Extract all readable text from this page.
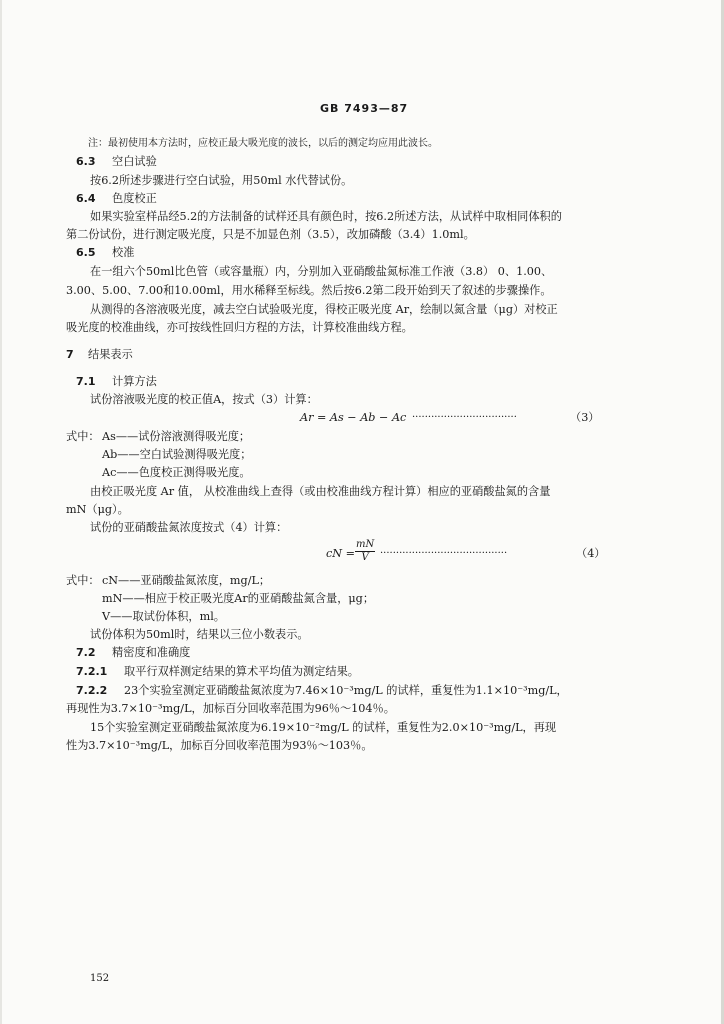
GB 7493—87
注：最初使用本方法时，应校正最大吸光度的波长，以后的测定均应用此波长。
6.3 空白试验
按6.2所述步骤进行空白试验，用50ml 水代替试份。
6.4 色度校正
如果实验室样品经5.2的方法制备的试样还具有颜色时，按6.2所述方法，从试样中取相同体积的
第二份试份，进行测定吸光度，只是不加显色剂（3.5），改加磷酸（3.4）1.0ml。
6.5 校准
在一组六个50ml比色管（或容量瓶）内，分别加入亚硝酸盐氮标准工作液（3.8） 0、1.00、
3.00、5.00、7.00和10.00ml，用水稀释至标线。然后按6.2第二段开始到天了叙述的步骤操作。
从测得的各溶液吸光度，减去空白试验吸光度，得校正吸光度 Ar，绘制以氮含量（μg）对校正
吸光度的校准曲线，亦可按线性回归方程的方法，计算校准曲线方程。
7 结果表示
7.1 计算方法
试份溶液吸光度的校正值A，按式（3）计算：
Ar = As − Ab − Ac ·································	（3）
式中： As——试份溶液测得吸光度；
Ab——空白试验测得吸光度；
Ac——色度校正测得吸光度。
由校正吸光度 Ar 值， 从校准曲线上查得（或由校准曲线方程计算）相应的亚硝酸盐氮的含量
mN（μg）。
试份的亚硝酸盐氮浓度按式（4）计算：
cN = $\frac{mN}{V}$ ········································	（4）
式中： cN——亚硝酸盐氮浓度，mg/L；
mN——相应于校正吸光度Ar的亚硝酸盐氮含量，μg；
V——取试份体积，ml。
试份体积为50ml时，结果以三位小数表示。
7.2 精密度和准确度
7.2.1 取平行双样测定结果的算术平均值为测定结果。
7.2.2 23个实验室测定亚硝酸盐氮浓度为7.46×10⁻³mg/L 的试样，重复性为1.1×10⁻³mg/L，
再现性为3.7×10⁻³mg/L，加标百分回收率范围为96％～104％。
15个实验室测定亚硝酸盐氮浓度为6.19×10⁻²mg/L 的试样，重复性为2.0×10⁻³mg/L，再现
性为3.7×10⁻³mg/L，加标百分回收率范围为93％～103％。
152
